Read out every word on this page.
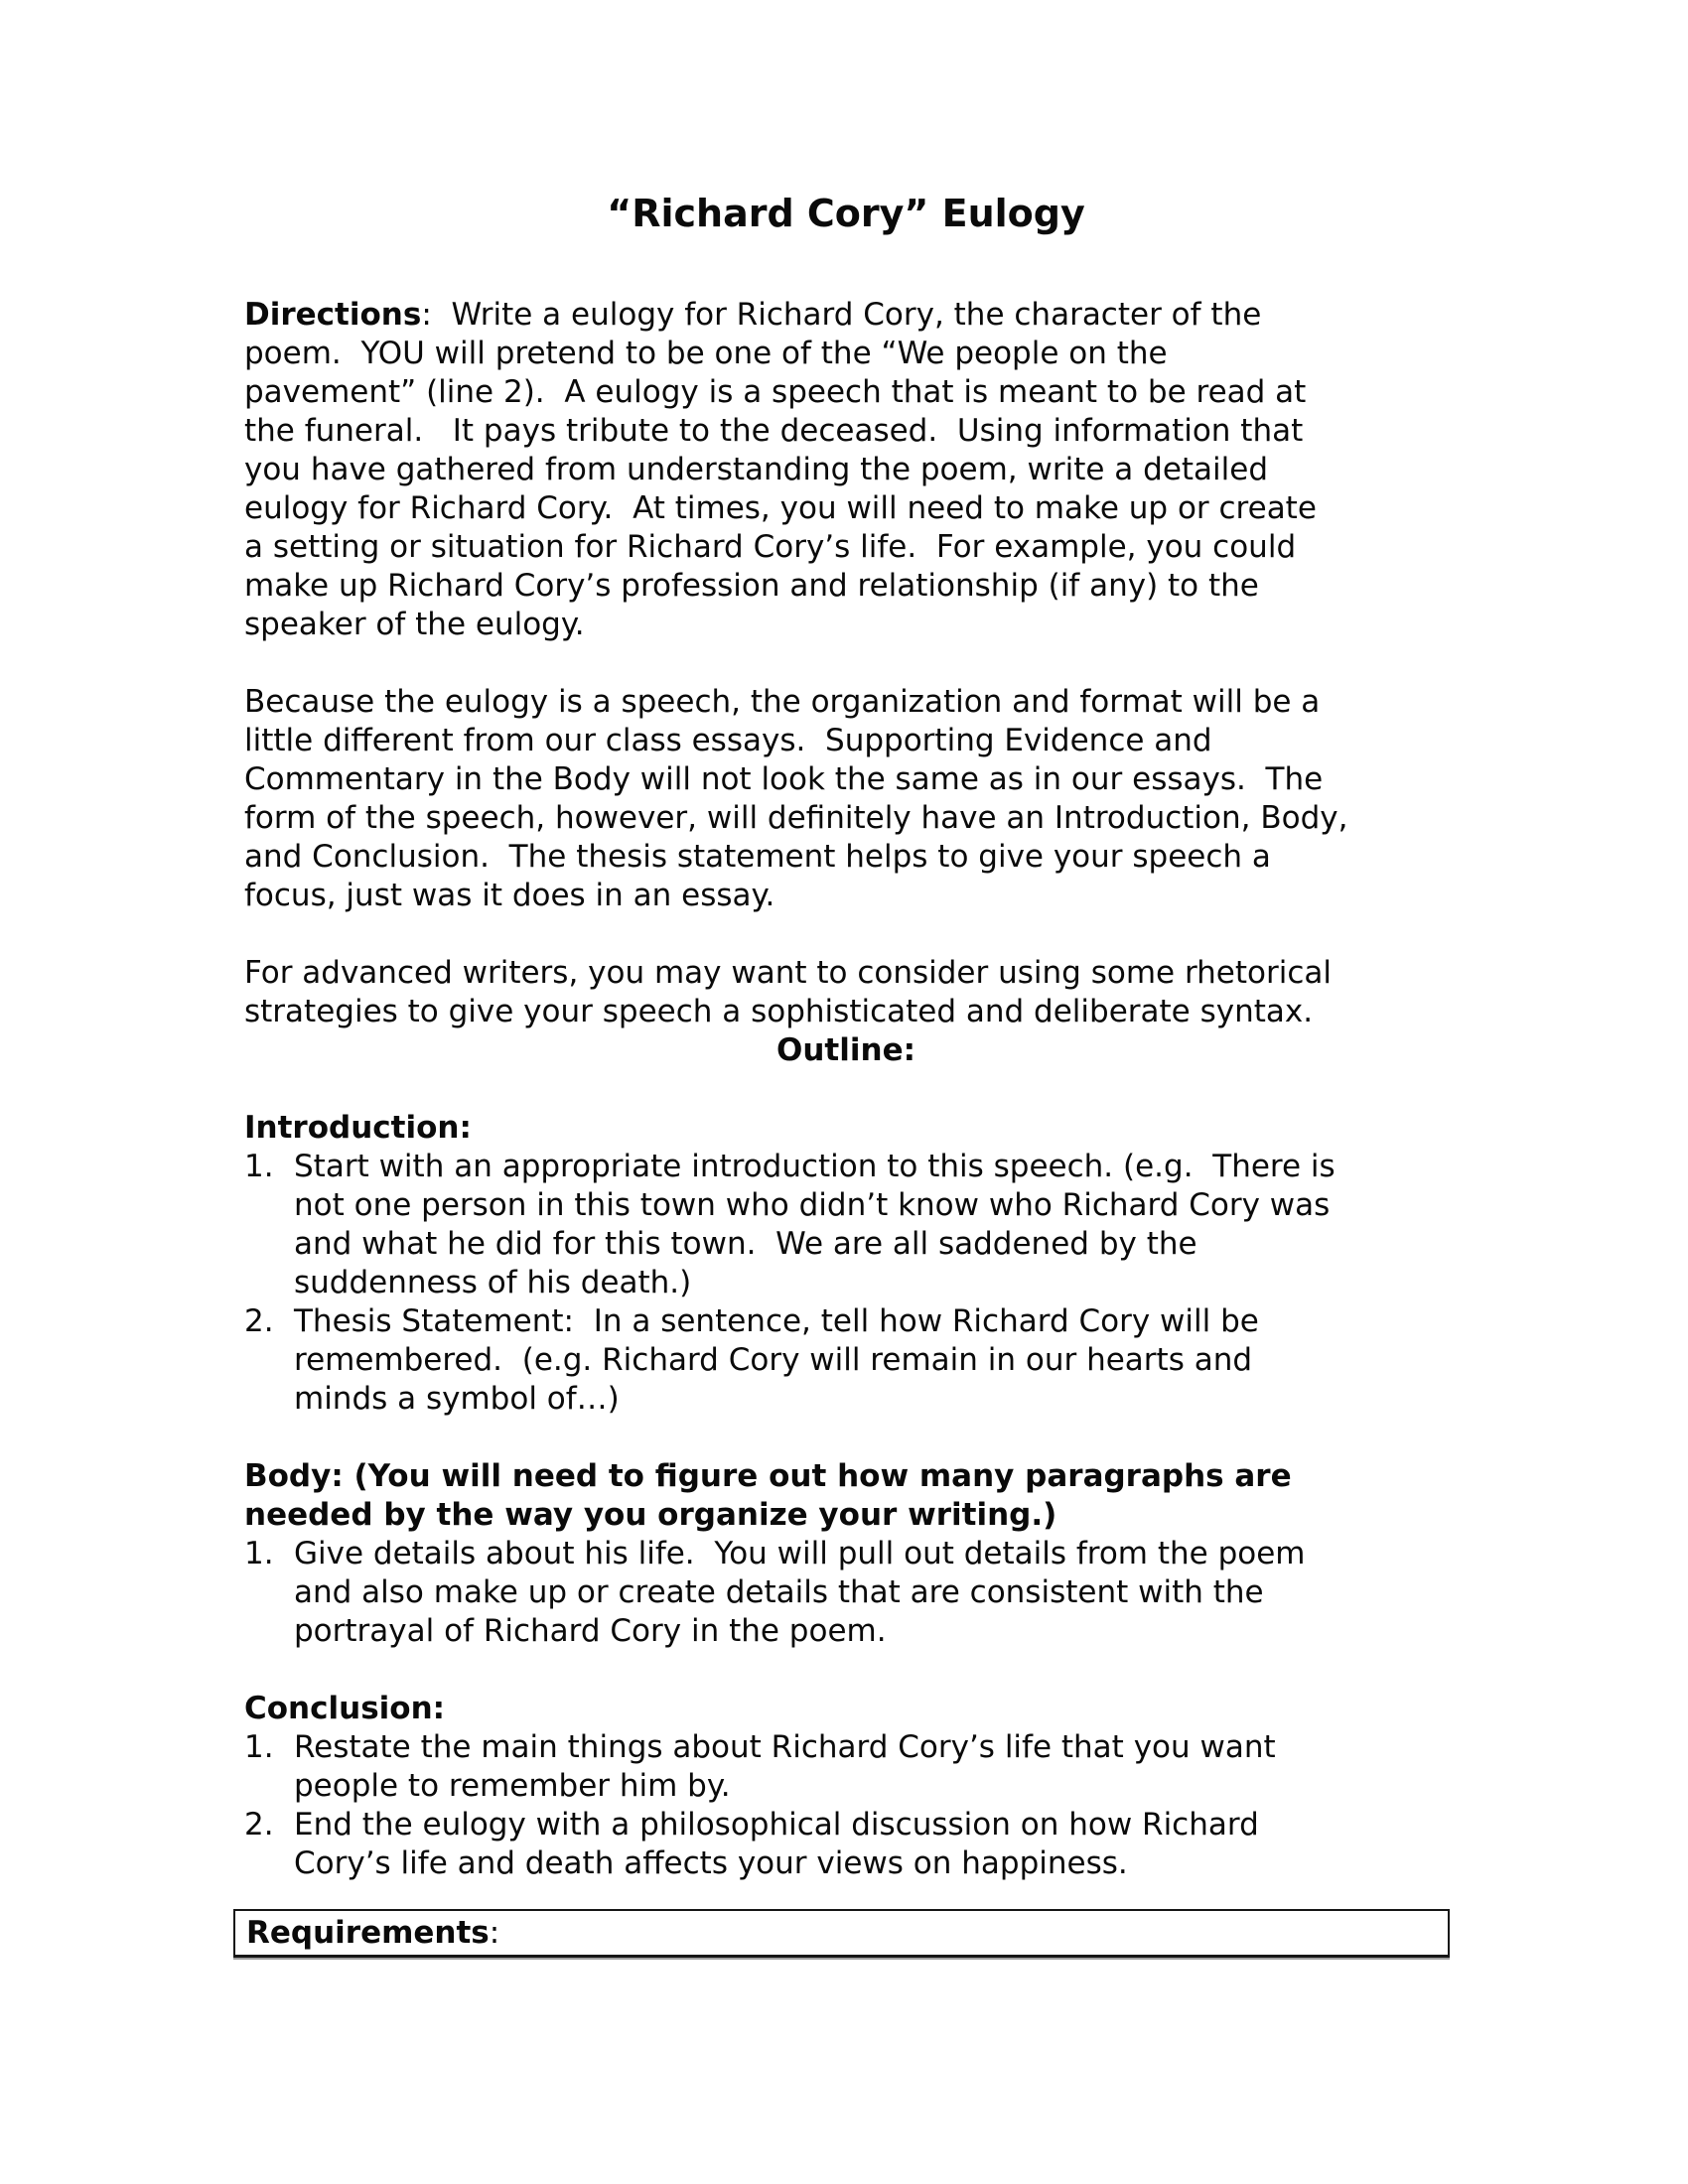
“Richard Cory” Eulogy
Directions:  Write a eulogy for Richard Cory, the character of the
poem.  YOU will pretend to be one of the “We people on the
pavement” (line 2).  A eulogy is a speech that is meant to be read at
the funeral.   It pays tribute to the deceased.  Using information that
you have gathered from understanding the poem, write a detailed
eulogy for Richard Cory.  At times, you will need to make up or create
a setting or situation for Richard Cory’s life.  For example, you could
make up Richard Cory’s profession and relationship (if any) to the
speaker of the eulogy.
Because the eulogy is a speech, the organization and format will be a
little different from our class essays.  Supporting Evidence and
Commentary in the Body will not look the same as in our essays.  The
form of the speech, however, will definitely have an Introduction, Body,
and Conclusion.  The thesis statement helps to give your speech a
focus, just was it does in an essay.
For advanced writers, you may want to consider using some rhetorical
strategies to give your speech a sophisticated and deliberate syntax.
Outline:
Introduction:
1. Start with an appropriate introduction to this speech. (e.g.  There is
not one person in this town who didn’t know who Richard Cory was
and what he did for this town.  We are all saddened by the
suddenness of his death.)
2. Thesis Statement:  In a sentence, tell how Richard Cory will be
remembered.  (e.g. Richard Cory will remain in our hearts and
minds a symbol of…)
Body: (You will need to figure out how many paragraphs are
needed by the way you organize your writing.)
1. Give details about his life.  You will pull out details from the poem
and also make up or create details that are consistent with the
portrayal of Richard Cory in the poem.
Conclusion:
1. Restate the main things about Richard Cory’s life that you want
people to remember him by.
2. End the eulogy with a philosophical discussion on how Richard
Cory’s life and death affects your views on happiness.
Requirements:
